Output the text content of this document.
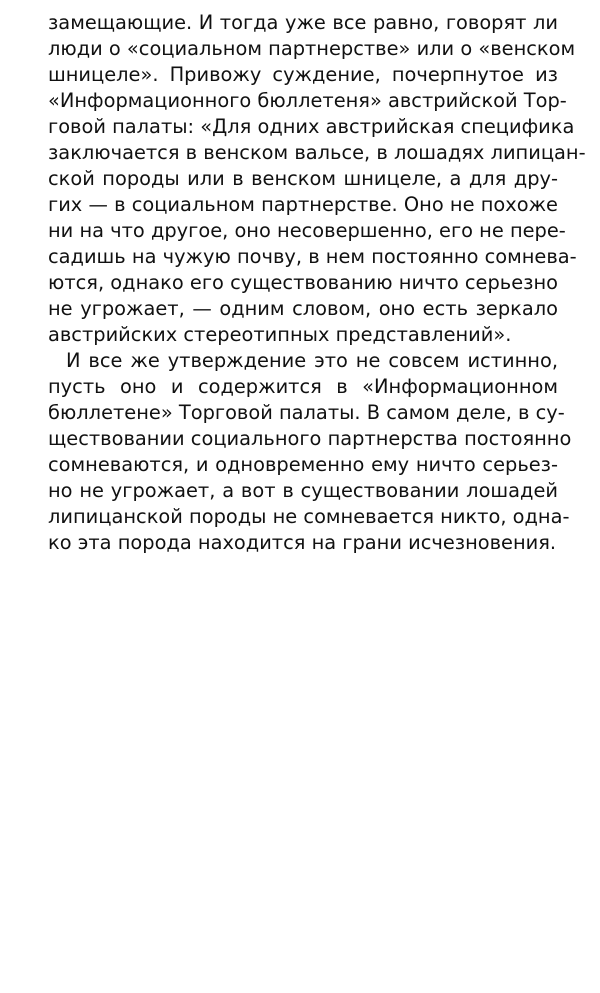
замещающие. И тогда уже все равно, говорят ли
люди о «социальном партнерстве» или о «венском
шницеле». Привожу суждение, почерпнутое из
«Информационного бюллетеня» австрийской Тор-
говой палаты: «Для одних австрийская специфика
заключается в венском вальсе, в лошадях липицан-
ской породы или в венском шницеле, а для дру-
гих — в социальном партнерстве. Оно не похоже
ни на что другое, оно несовершенно, его не пере-
садишь на чужую почву, в нем постоянно сомнева-
ются, однако его существованию ничто серьезно
не угрожает, — одним словом, оно есть зеркало
австрийских стереотипных представлений».
И все же утверждение это не совсем истинно,
пусть оно и содержится в «Информационном
бюллетене» Торговой палаты. В самом деле, в су-
ществовании социального партнерства постоянно
сомневаются, и одновременно ему ничто серьез-
но не угрожает, а вот в существовании лошадей
липицанской породы не сомневается никто, одна-
ко эта порода находится на грани исчезновения.
